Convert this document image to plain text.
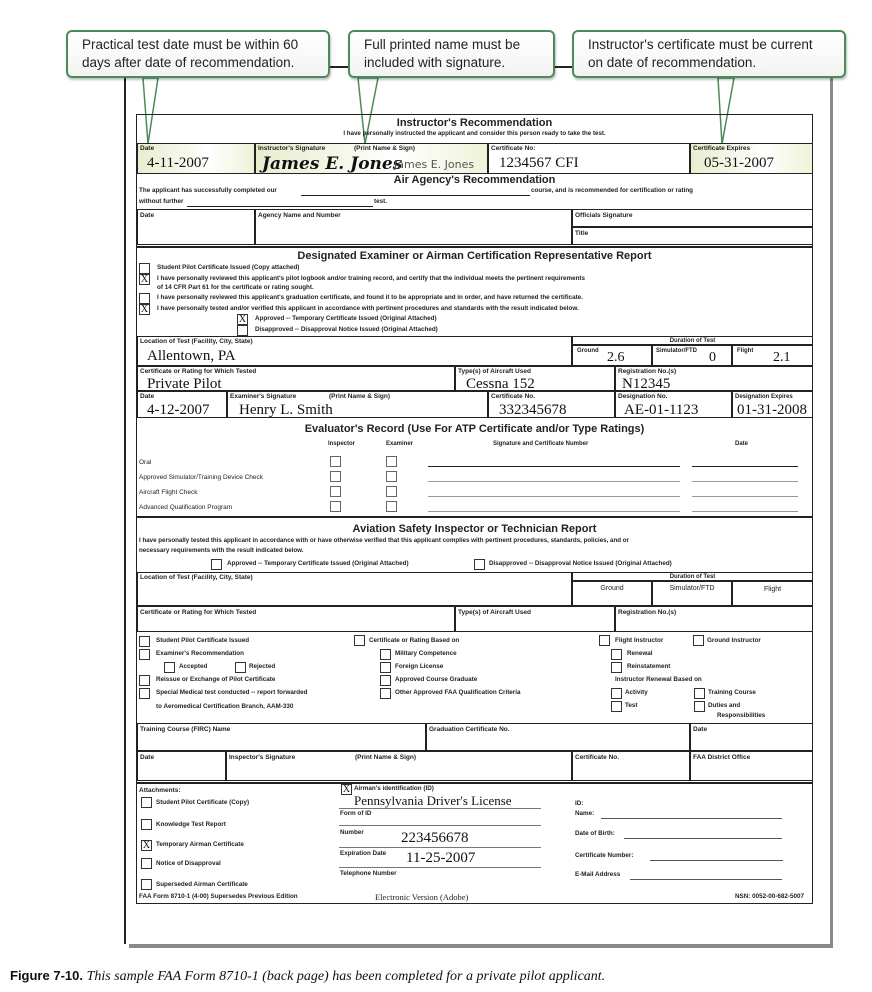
Practical test date must be within 60
days after date of recommendation.
Full printed name must be
included with signature.
Instructor's certificate must be current
on date of recommendation.
Instructor's Recommendation
I have personally instructed the applicant and consider this person ready to take the test.
Date
4-11-2007
Instructor's Signature	(Print Name & Sign)
James E. Jones
James E. Jones
Certificate No:
1234567 CFI
Certificate Expires
05-31-2007
Air Agency's Recommendation
The applicant has successfully completed our	course, and is recommended for certification or rating
without further	test.
Date	Agency Name and Number	Officials Signature
Title
Designated Examiner or Airman Certification Representative Report
Student Pilot Certificate Issued (Copy attached)
X	I have personally reviewed this applicant's pilot logbook and/or training record, and certify that the individual meets the pertinent requirements
of 14 CFR Part 61 for the certificate or rating sought.
I have personally reviewed this applicant's graduation certificate, and found it to be appropriate and in order, and have returned the certificate.
X	I have personally tested and/or verified this applicant in accordance with pertinent procedures and standards with the result indicated below.
X	Approved -- Temporary Certificate Issued (Original Attached)
Disapproved -- Disapproval Notice Issued (Original Attached)
Location of Test (Facility, City, State)
Allentown, PA
Duration of Test
Ground 2.6	Simulator/FTD 0	Flight 2.1
Certificate or Rating for Which Tested
Private Pilot
Type(s) of Aircraft Used
Cessna 152
Registration No.(s)
N12345
Date
4-12-2007
Examiner's Signature	(Print Name & Sign)
Henry L. Smith
Certificate No.
332345678
Designation No.
AE-01-1123
Designation Expires
01-31-2008
Evaluator's Record (Use For ATP Certificate and/or Type Ratings)
Inspector	Examiner	Signature and Certificate Number	Date
Oral
Approved Simulator/Training Device Check
Aircraft Flight Check
Advanced Qualification Program
Aviation Safety Inspector or Technician Report
I have personally tested this applicant in accordance with or have otherwise verified that this applicant complies with pertinent procedures, standards, policies, and or
necessary requirements with the result indicated below.
Approved -- Temporary Certificate Issued (Original Attached)	Disapproved -- Disapproval Notice Issued (Original Attached)
Location of Test (Facility, City, State)	Duration of Test
Ground	Simulator/FTD	Flight
Certificate or Rating for Which Tested	Type(s) of Aircraft Used	Registration No.(s)
Student Pilot Certificate Issued
Examiner's Recommendation
Accepted	Rejected
Reissue or Exchange of Pilot Certificate
Special Medical test conducted -- report forwarded
to Aeromedical Certification Branch, AAM-330
Certificate or Rating Based on
Military Competence
Foreign License
Approved Course Graduate
Other Approved FAA Qualification Criteria
Flight Instructor	Ground Instructor
Renewal
Reinstatement
Instructor Renewal Based on
Activity	Training Course
Test	Duties and
Responsibilities
Training Course (FIRC) Name	Graduation Certificate No.	Date
Date	Inspector's Signature	(Print Name & Sign)	Certificate No.	FAA District Office
Attachments:
Student Pilot Certificate (Copy)
Knowledge Test Report
X Temporary Airman Certificate
Notice of Disapproval
Superseded Airman Certificate
X Airman's identification (ID)
Pennsylvania Driver's License
Form of ID
Number 223456678
Expiration Date 11-25-2007
Telephone Number
ID:
Name:
Date of Birth:
Certificate Number:
E-Mail Address
FAA Form 8710-1 (4-00) Supersedes Previous Edition	Electronic Version (Adobe)	NSN: 0052-00-682-5007
Figure 7-10. This sample FAA Form 8710-1 (back page) has been completed for a private pilot applicant.
